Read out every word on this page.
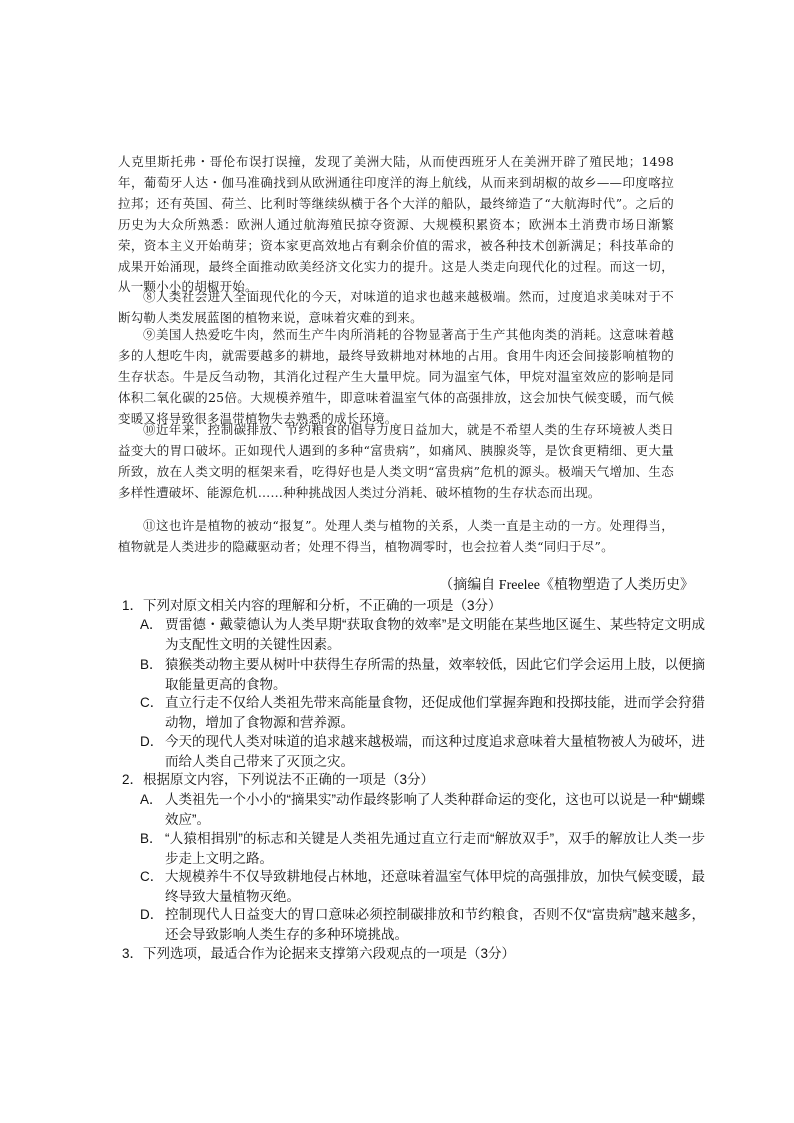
人克里斯托弗・哥伦布误打误撞，发现了美洲大陆，从而使西班牙人在美洲开辟了殖民地；1498年，葡萄牙人达・伽马准确找到从欧洲通往印度洋的海上航线，从而来到胡椒的故乡——印度喀拉拉邦；还有英国、荷兰、比利时等继续纵横于各个大洋的船队，最终缔造了“大航海时代”。之后的历史为大众所熟悉：欧洲人通过航海殖民掠夺资源、大规模积累资本；欧洲本土消费市场日渐繁荣，资本主义开始萌芽；资本家更高效地占有剩余价值的需求，被各种技术创新满足；科技革命的成果开始涌现，最终全面推动欧美经济文化实力的提升。这是人类走向现代化的过程。而这一切，从一颗小小的胡椒开始。
⑧人类社会进入全面现代化的今天，对味道的追求也越来越极端。然而，过度追求美味对于不断勾勒人类发展蓝图的植物来说，意味着灾难的到来。
⑨美国人热爱吃牛肉，然而生产牛肉所消耗的谷物显著高于生产其他肉类的消耗。这意味着越多的人想吃牛肉，就需要越多的耕地，最终导致耕地对林地的占用。食用牛肉还会间接影响植物的生存状态。牛是反刍动物，其消化过程产生大量甲烷。同为温室气体，甲烷对温室效应的影响是同体积二氧化碳的25倍。大规模养殖牛，即意味着温室气体的高强排放，这会加快气候变暖，而气候变暖又将导致很多温带植物失去熟悉的成长环境。
⑩近年来，控制碳排放、节约粮食的倡导力度日益加大，就是不希望人类的生存环境被人类日益变大的胃口破坏。正如现代人遇到的多种“富贵病”，如痛风、胰腺炎等，是饮食更精细、更大量所致，放在人类文明的框架来看，吃得好也是人类文明“富贵病”危机的源头。极端天气增加、生态多样性遭破坏、能源危机……种种挑战因人类过分消耗、破坏植物的生存状态而出现。
⑪这也许是植物的被动“报复”。处理人类与植物的关系，人类一直是主动的一方。处理得当，植物就是人类进步的隐藏驱动者；处理不得当，植物凋零时，也会拉着人类“同归于尽”。
（摘编自 Freelee《植物塑造了人类历史》
1．下列对原文相关内容的理解和分析，不正确的一项是（3分）
A． 贾雷德・戴蒙德认为人类早期“获取食物的效率”是文明能在某些地区诞生、某些特定文明成为支配性文明的关键性因素。
B． 猿猴类动物主要从树叶中获得生存所需的热量，效率较低，因此它们学会运用上肢，以便摘取能量更高的食物。
C． 直立行走不仅给人类祖先带来高能量食物，还促成他们掌握奔跑和投掷技能，进而学会狩猎动物，增加了食物源和营养源。
D． 今天的现代人类对味道的追求越来越极端，而这种过度追求意味着大量植物被人为破坏，进而给人类自己带来了灭顶之灾。
2．根据原文内容，下列说法不正确的一项是（3分）
A． 人类祖先一个小小的“摘果实”动作最终影响了人类种群命运的变化，这也可以说是一种“蝴蝶效应”。
B． “人猿相揖别”的标志和关键是人类祖先通过直立行走而“解放双手”，双手的解放让人类一步步走上文明之路。
C． 大规模养牛不仅导致耕地侵占林地，还意味着温室气体甲烷的高强排放，加快气候变暖，最终导致大量植物灭绝。
D． 控制现代人日益变大的胃口意味必须控制碳排放和节约粮食，否则不仅“富贵病”越来越多，还会导致影响人类生存的多种环境挑战。
3．下列选项，最适合作为论据来支撑第六段观点的一项是（3分）
